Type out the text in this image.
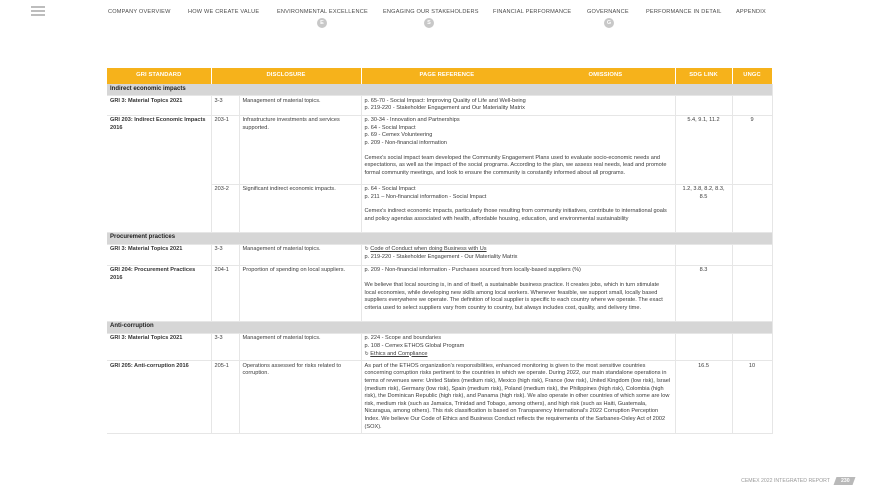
COMPANY OVERVIEW	HOW WE CREATE VALUE	ENVIRONMENTAL EXCELLENCE
E
ENGAGING OUR STAKEHOLDERS
S
FINANCIAL PERFORMANCE	GOVERNANCE
G
PERFORMANCE IN DETAIL	APPENDIX
GRI STANDARD	DISCLOSURE		PAGE REFERENCE OMISSIONS	SDG LINK	UNGC
Indirect economic impacts					
GRI 3: Material Topics 2021	3-3	Management of material topics.	p. 65-70 - Social Impact: Improving Quality of Life and Well-being
p. 219-220 - Stakeholder Engagement and Our Materiality Matrix		

GRI 203: Indirect Economic Impacts 2016	203-1	Infrastructure investments and services supported.	p. 30-34 - Innovation and Partnerships
p. 64 - Social Impact
p. 69 - Cemex Volunteering
p. 209 - Non-financial information
Cemex's social impact team developed the Community Engagement Plans used to evaluate socio-economic needs and expectations, as well as the impact of the social programs. According to the plan, we assess real needs, lead and promote formal community meetings, and look to ensure the community is constantly informed about all programs.	5.4, 9.1, 11.2	9
	203-2	Significant indirect economic impacts.	p. 64 - Social Impact
p. 211 – Non-financial information - Social Impact
Cemex's indirect economic impacts, particularly those resulting from community initiatives, contribute to international goals and policy agendas associated with health, affordable housing, education, and environmental sustainability	1.2, 3.8, 8.2, 8.3, 8.5	
Procurement practices					
GRI 3: Material Topics 2021	3-3	Management of material topics.	↻ Code of Conduct when doing Business with Us
p. 219-220 - Stakeholder Engagement - Our Materiality Matrix		

GRI 204: Procurement Practices 2016	204-1	Proportion of spending on local suppliers.	p. 209 - Non-financial information - Purchases sourced from locally-based suppliers (%)
We believe that local sourcing is, in and of itself, a sustainable business practice. It creates jobs, which in turn stimulate local economies, while developing new skills among local workers. Whenever feasible, we support small, locally based suppliers everywhere we operate. The definition of local supplier is specific to each country where we operate. The exact criteria used to select suppliers vary from country to country, but always includes cost, quality, and delivery time.	8.3	
Anti-corruption					
GRI 3: Material Topics 2021	3-3	Management of material topics.	p. 224 - Scope and boundaries
p. 108 - Cemex ETHOS Global Program
↻ Ethics and Compliance		

GRI 205: Anti-corruption 2016	205-1	Operations assessed for risks related to corruption.	As part of the ETHOS organization's responsibilities, enhanced monitoring is given to the most sensitive countries concerning corruption risks pertinent to the countries in which we operate. During 2022, our main standalone operations in terms of revenues were: United States (medium risk), Mexico (high risk), France (low risk), United Kingdom (low risk), Israel (medium risk), Germany (low risk), Spain (medium risk), Poland (medium risk), the Philippines (high risk), Colombia (high risk), the Dominican Republic (high risk), and Panama (high risk). We also operate in other countries of which some are low risk, medium risk (such as Jamaica, Trinidad and Tobago, among others), and high risk (such as Haiti, Guatemala, Nicaragua, among others). This risk classification is based on Transparency International's 2022 Corruption Perception Index. We believe Our Code of Ethics and Business Conduct reflects the requirements of the Sarbanes-Oxley Act of 2002 (SOX).	16.5	10
CEMEX 2022 INTEGRATED REPORT 230
